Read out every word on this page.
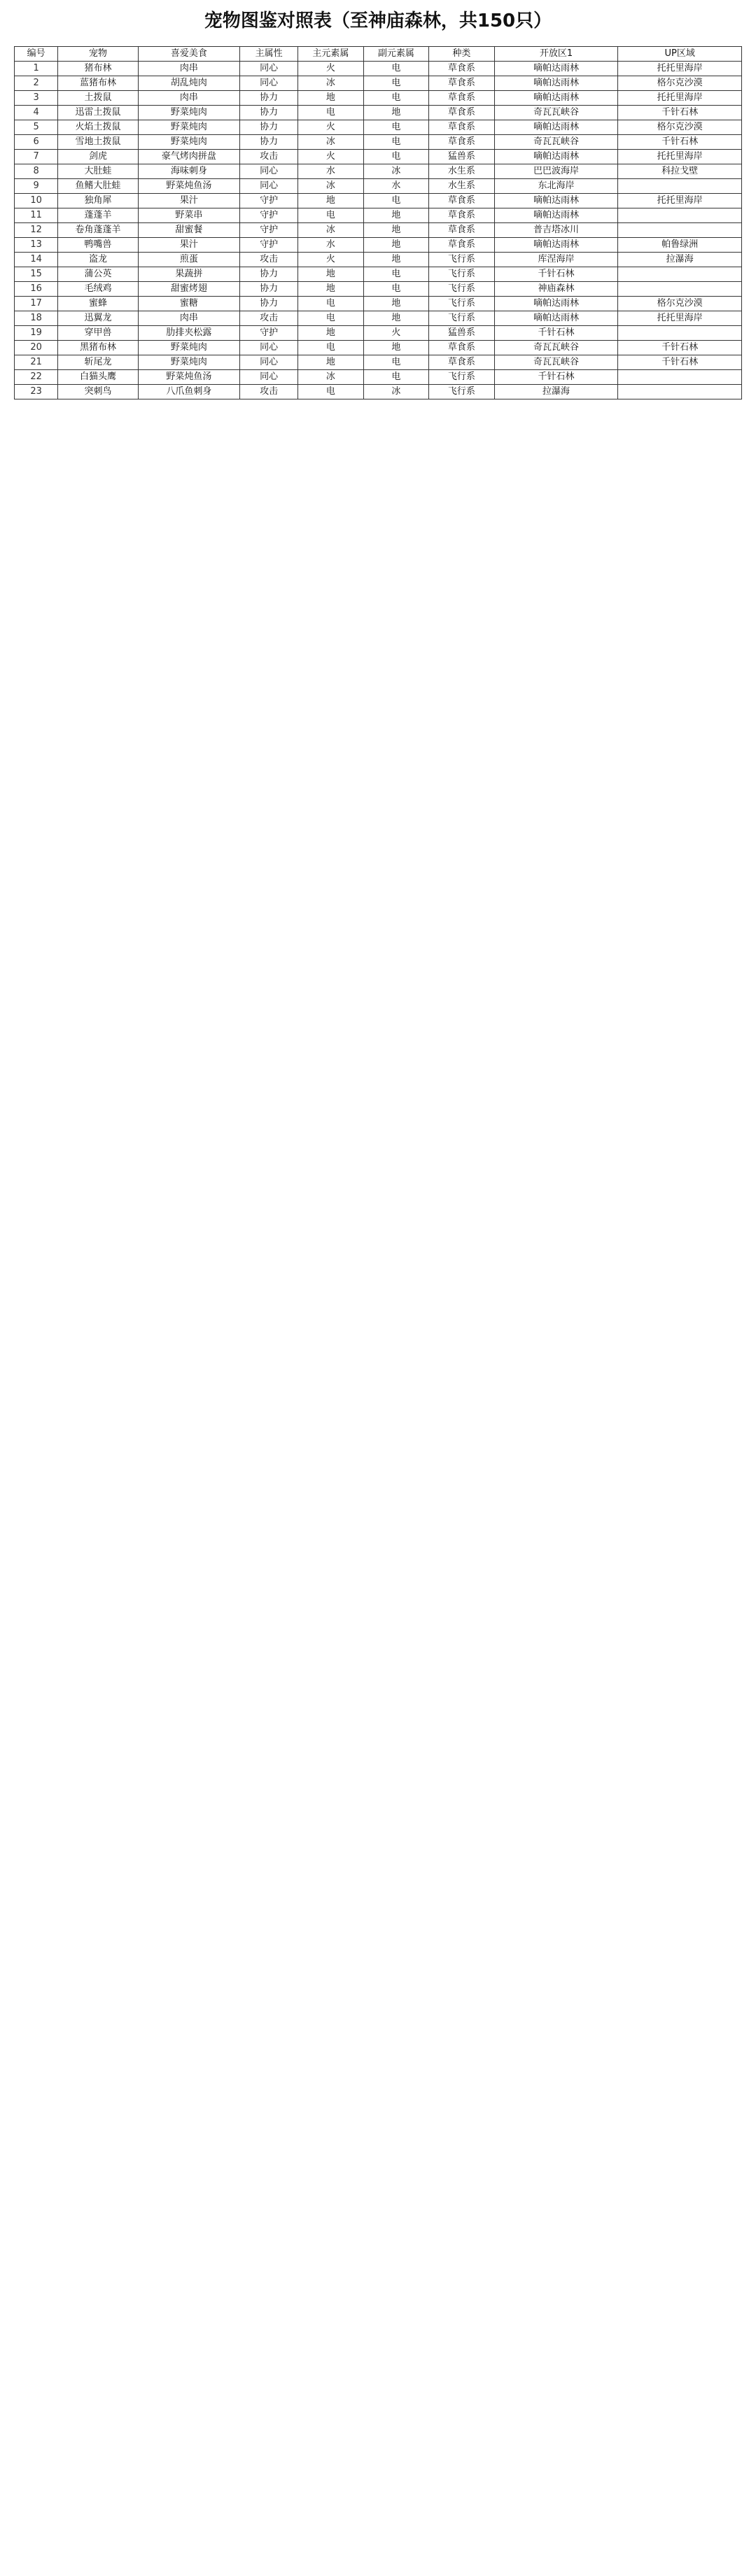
宠物图鉴对照表（至神庙森林，共150只）
编号	宠物	喜爱美食	主属性	主元素属	副元素属	种类	开放区1	UP区域
1	猪布林	肉串	同心	火	电	草食系	嘀帕达雨林	托托里海岸
2	蓝猪布林	胡乱炖肉	同心	冰	电	草食系	嘀帕达雨林	格尔克沙漠
3	土拨鼠	肉串	协力	地	电	草食系	嘀帕达雨林	托托里海岸
4	迅雷土拨鼠	野菜炖肉	协力	电	地	草食系	奇瓦瓦峡谷	千针石林
5	火焰土拨鼠	野菜炖肉	协力	火	电	草食系	嘀帕达雨林	格尔克沙漠
6	雪地土拨鼠	野菜炖肉	协力	冰	电	草食系	奇瓦瓦峡谷	千针石林
7	剑虎	豪气烤肉拼盘	攻击	火	电	猛兽系	嘀帕达雨林	托托里海岸
8	大肚蛙	海味刺身	同心	水	冰	水生系	巴巴波海岸	科拉戈壁
9	鱼鳍大肚蛙	野菜炖鱼汤	同心	冰	水	水生系	东北海岸	
10	独角犀	果汁	守护	地	电	草食系	嘀帕达雨林	托托里海岸
11	蓬蓬羊	野菜串	守护	电	地	草食系	嘀帕达雨林	
12	卷角蓬蓬羊	甜蜜餐	守护	冰	地	草食系	普吉塔冰川	
13	鸭嘴兽	果汁	守护	水	地	草食系	嘀帕达雨林	帕鲁绿洲
14	盗龙	煎蛋	攻击	火	地	飞行系	库涅海岸	拉瀑海
15	蒲公英	果蔬拼	协力	地	电	飞行系	千针石林	
16	毛绒鸡	甜蜜烤翅	协力	地	电	飞行系	神庙森林	
17	蜜蜂	蜜糖	协力	电	地	飞行系	嘀帕达雨林	格尔克沙漠
18	迅翼龙	肉串	攻击	电	地	飞行系	嘀帕达雨林	托托里海岸
19	穿甲兽	肋排夹松露	守护	地	火	猛兽系	千针石林	
20	黑猪布林	野菜炖肉	同心	电	地	草食系	奇瓦瓦峡谷	千针石林
21	斩尾龙	野菜炖肉	同心	地	电	草食系	奇瓦瓦峡谷	千针石林
22	白猫头鹰	野菜炖鱼汤	同心	冰	电	飞行系	千针石林	
23	突刺鸟	八爪鱼刺身	攻击	电	冰	飞行系	拉瀑海	
